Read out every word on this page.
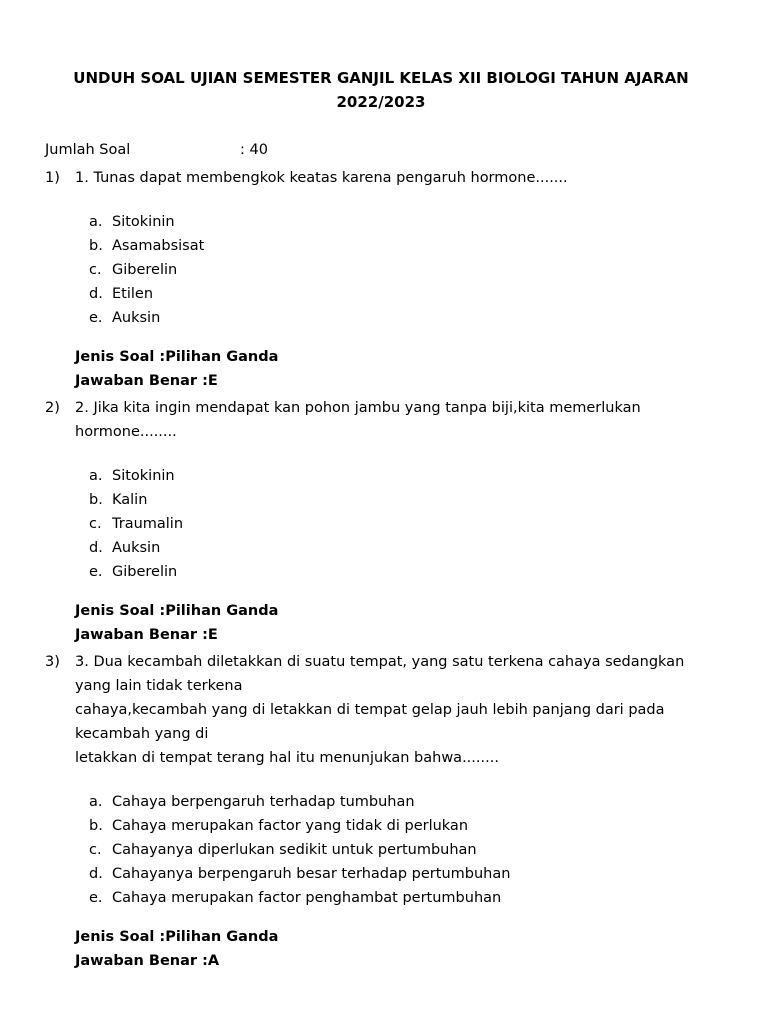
UNDUH SOAL UJIAN SEMESTER GANJIL KELAS XII BIOLOGI TAHUN AJARAN
2022/2023
Jumlah Soal	: 40
1) 1. Tunas dapat membengkok keatas karena pengaruh hormone.......
a. Sitokinin
b. Asamabsisat
c. Giberelin
d. Etilen
e. Auksin
Jenis Soal :Pilihan Ganda
Jawaban Benar :E
2) 2. Jika kita ingin mendapat kan pohon jambu yang tanpa biji,kita memerlukan
hormone........
a. Sitokinin
b. Kalin
c. Traumalin
d. Auksin
e. Giberelin
Jenis Soal :Pilihan Ganda
Jawaban Benar :E
3) 3. Dua kecambah diletakkan di suatu tempat, yang satu terkena cahaya sedangkan
yang lain tidak terkena
cahaya,kecambah yang di letakkan di tempat gelap jauh lebih panjang dari pada
kecambah yang di
letakkan di tempat terang hal itu menunjukan bahwa........
a. Cahaya berpengaruh terhadap tumbuhan
b. Cahaya merupakan factor yang tidak di perlukan
c. Cahayanya diperlukan sedikit untuk pertumbuhan
d. Cahayanya berpengaruh besar terhadap pertumbuhan
e. Cahaya merupakan factor penghambat pertumbuhan
Jenis Soal :Pilihan Ganda
Jawaban Benar :A
